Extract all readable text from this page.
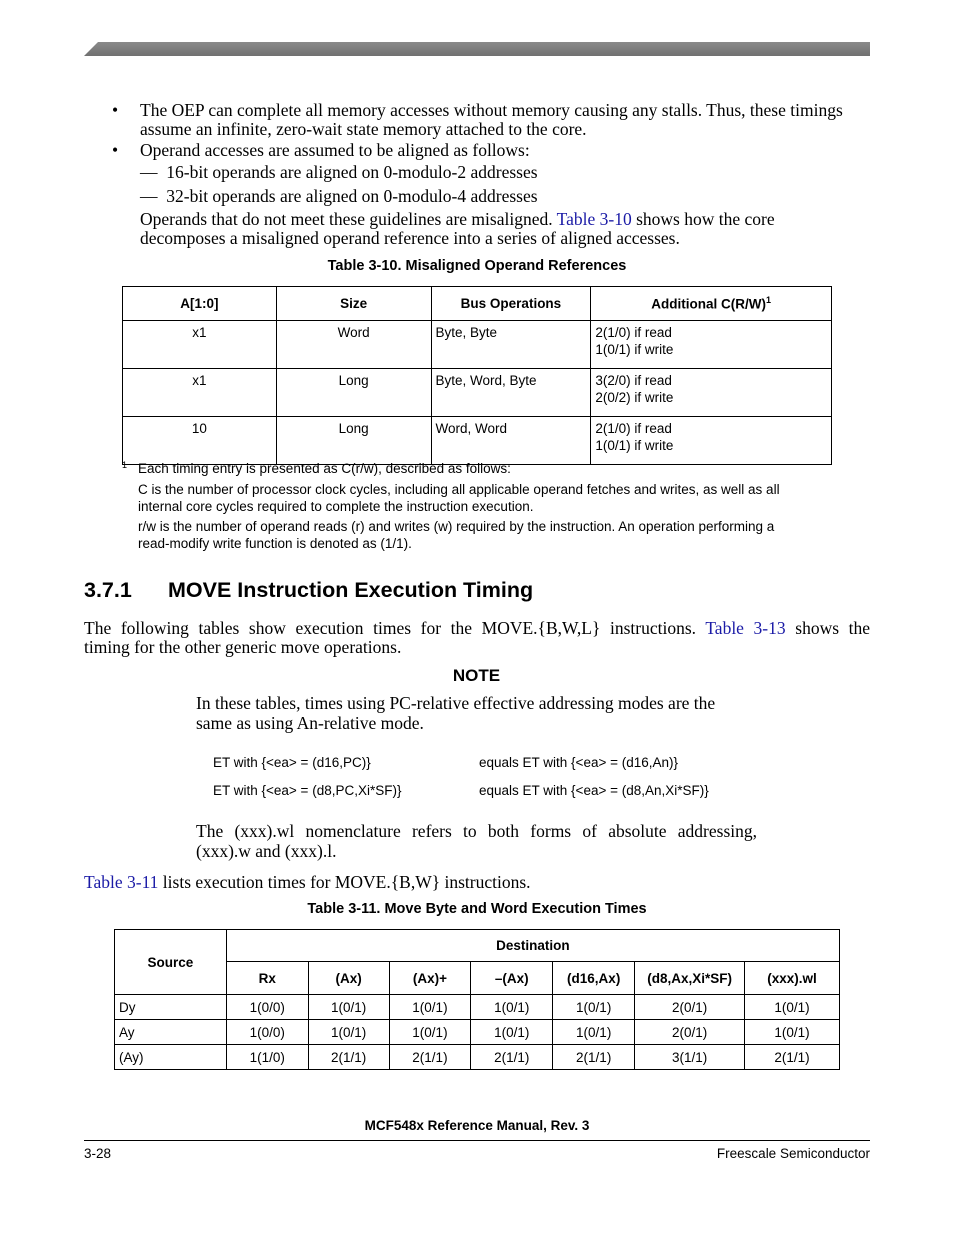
• The OEP can complete all memory accesses without memory causing any stalls. Thus, these timings assume an infinite, zero-wait state memory attached to the core.
• Operand accesses are assumed to be aligned as follows:
— 16-bit operands are aligned on 0-modulo-2 addresses
— 32-bit operands are aligned on 0-modulo-4 addresses
Operands that do not meet these guidelines are misaligned. Table 3-10 shows how the core decomposes a misaligned operand reference into a series of aligned accesses.
Table 3-10. Misaligned Operand References
A[1:0]	Size	Bus Operations	Additional $C(R/W)^1$
x1	Word	Byte, Byte	2(1/0) if read
1(0/1) if write

x1	Long	Byte, Word, Byte	3(2/0) if read
2(0/2) if write

10	Long	Word, Word	2(1/0) if read
1(0/1) if write
1 Each timing entry is presented as C(r/w), described as follows:
C is the number of processor clock cycles, including all applicable operand fetches and writes, as well as all
internal core cycles required to complete the instruction execution.
r/w is the number of operand reads (r) and writes (w) required by the instruction. An operation performing a
read-modify write function is denoted as (1/1).
3.7.1 MOVE Instruction Execution Timing
The following tables show execution times for the MOVE.{B,W,L} instructions. Table 3-13 shows the
timing for the other generic move operations.
NOTE
In these tables, times using PC-relative effective addressing modes are the
same as using An-relative mode.
ET with {<ea> = (d16,PC)}	equals ET with {<ea> = (d16,An)}
ET with {<ea> = (d8,PC,Xi*SF)}	equals ET with {<ea> = (d8,An,Xi*SF)}
The (xxx).wl nomenclature refers to both forms of absolute addressing,
(xxx).w and (xxx).l.
Table 3-11 lists execution times for MOVE.{B,W} instructions.
Table 3-11. Move Byte and Word Execution Times
Source	Destination						
	Rx	(Ax)	(Ax)+	–(Ax)	(d16,Ax)	(d8,Ax,Xi*SF)	(xxx).wl
Dy	1(0/0)	1(0/1)	1(0/1)	1(0/1)	1(0/1)	2(0/1)	1(0/1)
Ay	1(0/0)	1(0/1)	1(0/1)	1(0/1)	1(0/1)	2(0/1)	1(0/1)
(Ay)	1(1/0)	2(1/1)	2(1/1)	2(1/1)	2(1/1)	3(1/1)	2(1/1)
MCF548x Reference Manual, Rev. 3
3-28	Freescale Semiconductor
